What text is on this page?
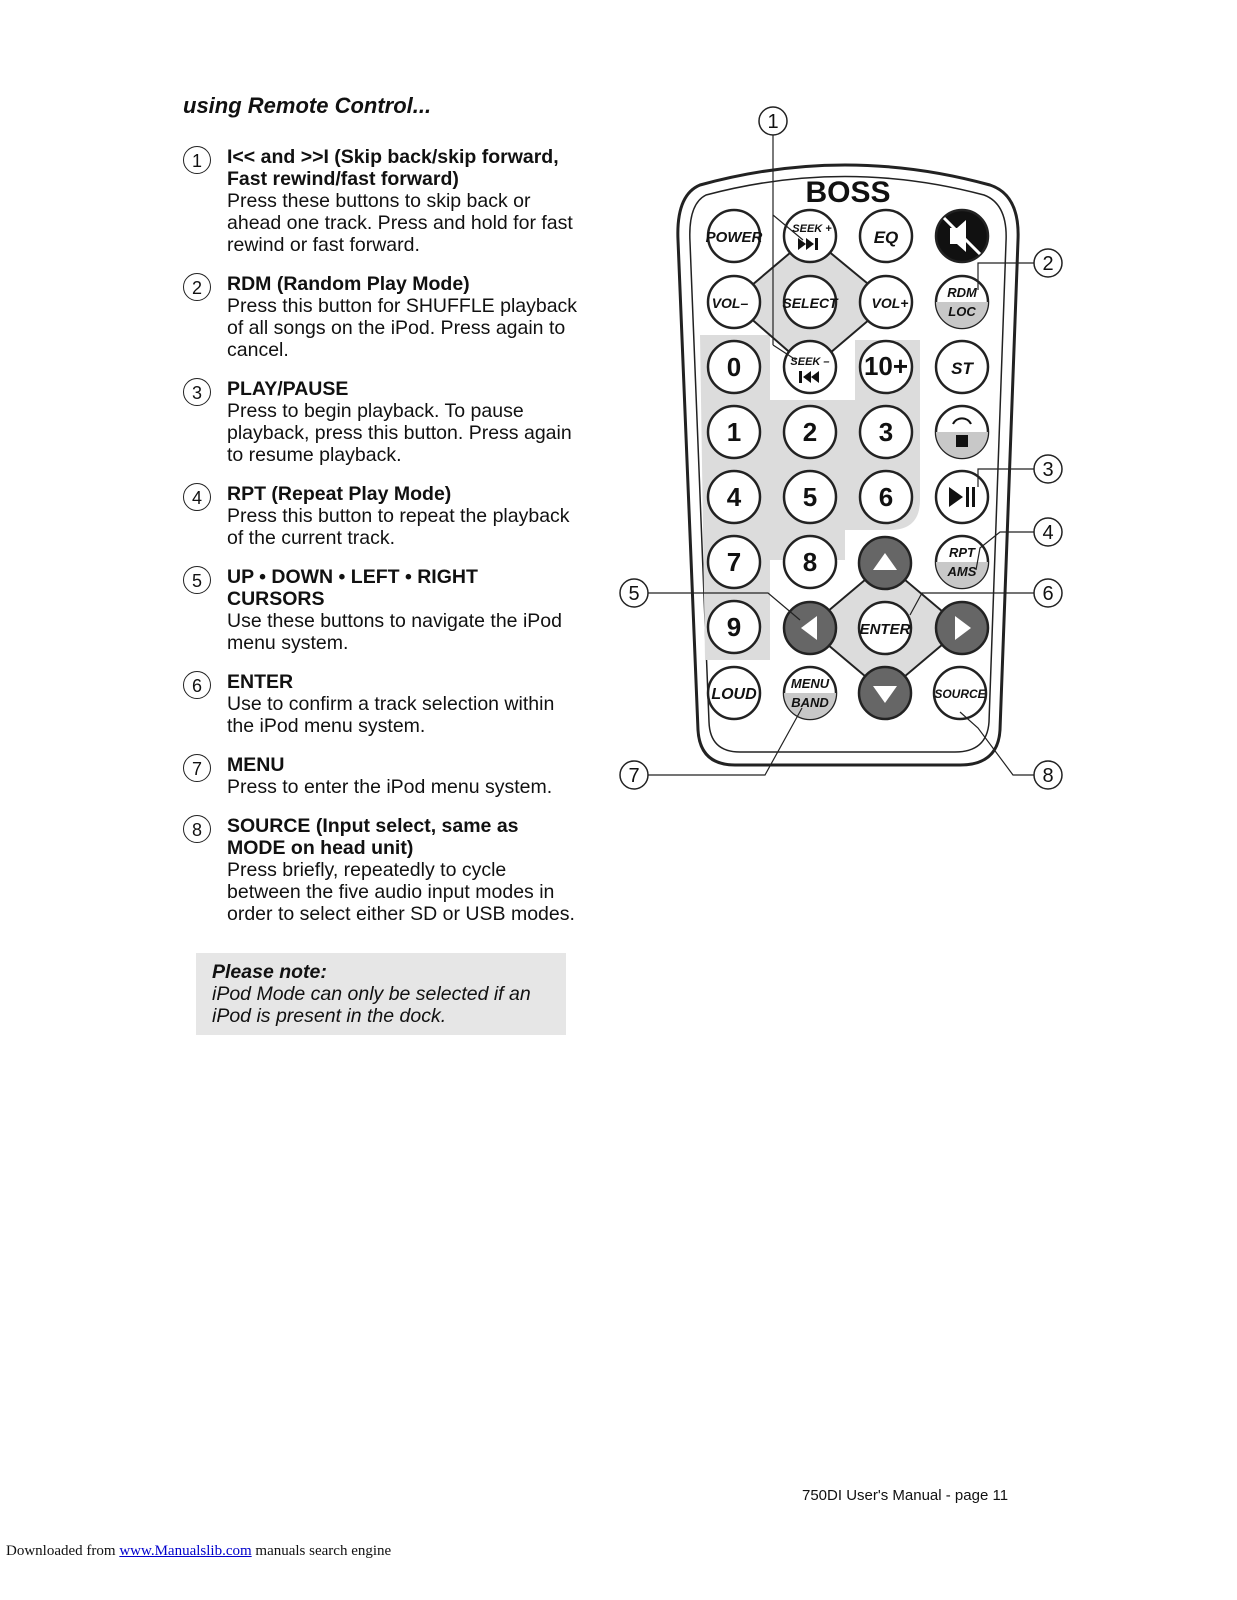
using Remote Control...
1	I<< and >>I (Skip back/skip forward,
Fast rewind/fast forward)
Press these buttons to skip back or
ahead one track. Press and hold for fast
rewind or fast forward.
2	RDM (Random Play Mode)
Press this button for SHUFFLE playback
of all songs on the iPod. Press again to
cancel.
3	PLAY/PAUSE
Press to begin playback. To pause
playback, press this button. Press again
to resume playback.
4	RPT (Repeat Play Mode)
Press this button to repeat the playback
of the current track.
5	UP • DOWN • LEFT • RIGHT
CURSORS
Use these buttons to navigate the iPod
menu system.
6	ENTER
Use to confirm a track selection within
the iPod menu system.
7	MENU
Press to enter the iPod menu system.
8	SOURCE (Input select, same as
MODE on head unit)
Press briefly, repeatedly to cycle
between the five audio input modes in
order to select either SD or USB modes.
Please note:
iPod Mode can only be selected if an
iPod is present in the dock.
BOSS
POWER	SEEK + EQ
VOL– SELECT VOL+
RDM
LOC
0	SEEK – 10+	ST
1 2 3
4 5 6
7 8	RPT
AMS
9	ENTER
LOUD
MENU
BAND
SOURCE
1
2
3
4
5	6
7	8
750DI User's Manual - page 11
Downloaded from www.Manualslib.com manuals search engine
